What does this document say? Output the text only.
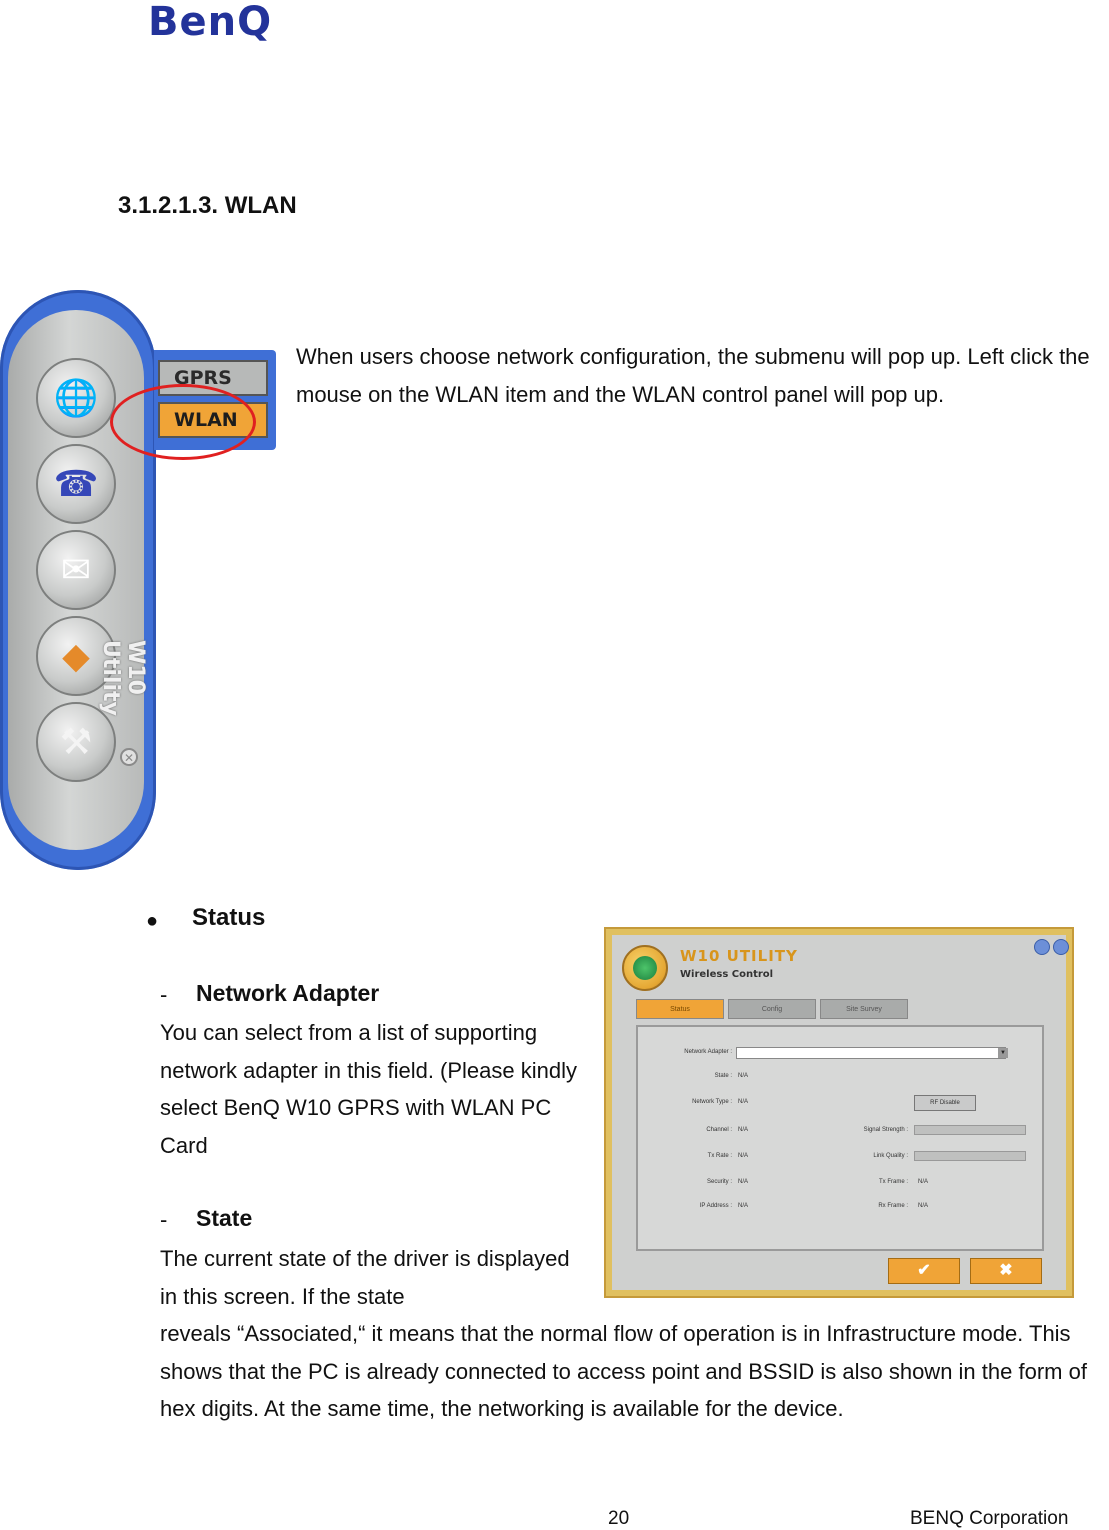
BenQ
3.1.2.1.3. WLAN
🌐
☎
✉
◆
⚒
W10 Utility
✕
GPRS
WLAN
When users choose network configuration, the submenu will pop up. Left click the mouse on the WLAN item and the WLAN control panel will pop up.
● Status
- Network Adapter
You can select from a list of supporting network adapter in this field. (Please kindly select BenQ W10 GPRS with WLAN PC Card
- State
The current state of the driver is displayed in this screen. If the state
reveals “Associated,“ it means that the normal flow of operation is in Infrastructure mode. This shows that the PC is already connected to access point and BSSID is also shown in the form of hex digits. At the same time, the networking is available for the device.
W10 UTILITY
Wireless Control
Status	Config	Site Survey
Network Adapter :	▼
State : N/A
Network Type : N/A	RF Disable
Channel : N/A	Signal Strength :
Tx Rate : N/A	Link Quality :
Security : N/A	Tx Frame : N/A
IP Address : N/A	Rx Frame : N/A
✔	✖
20	BENQ Corporation
